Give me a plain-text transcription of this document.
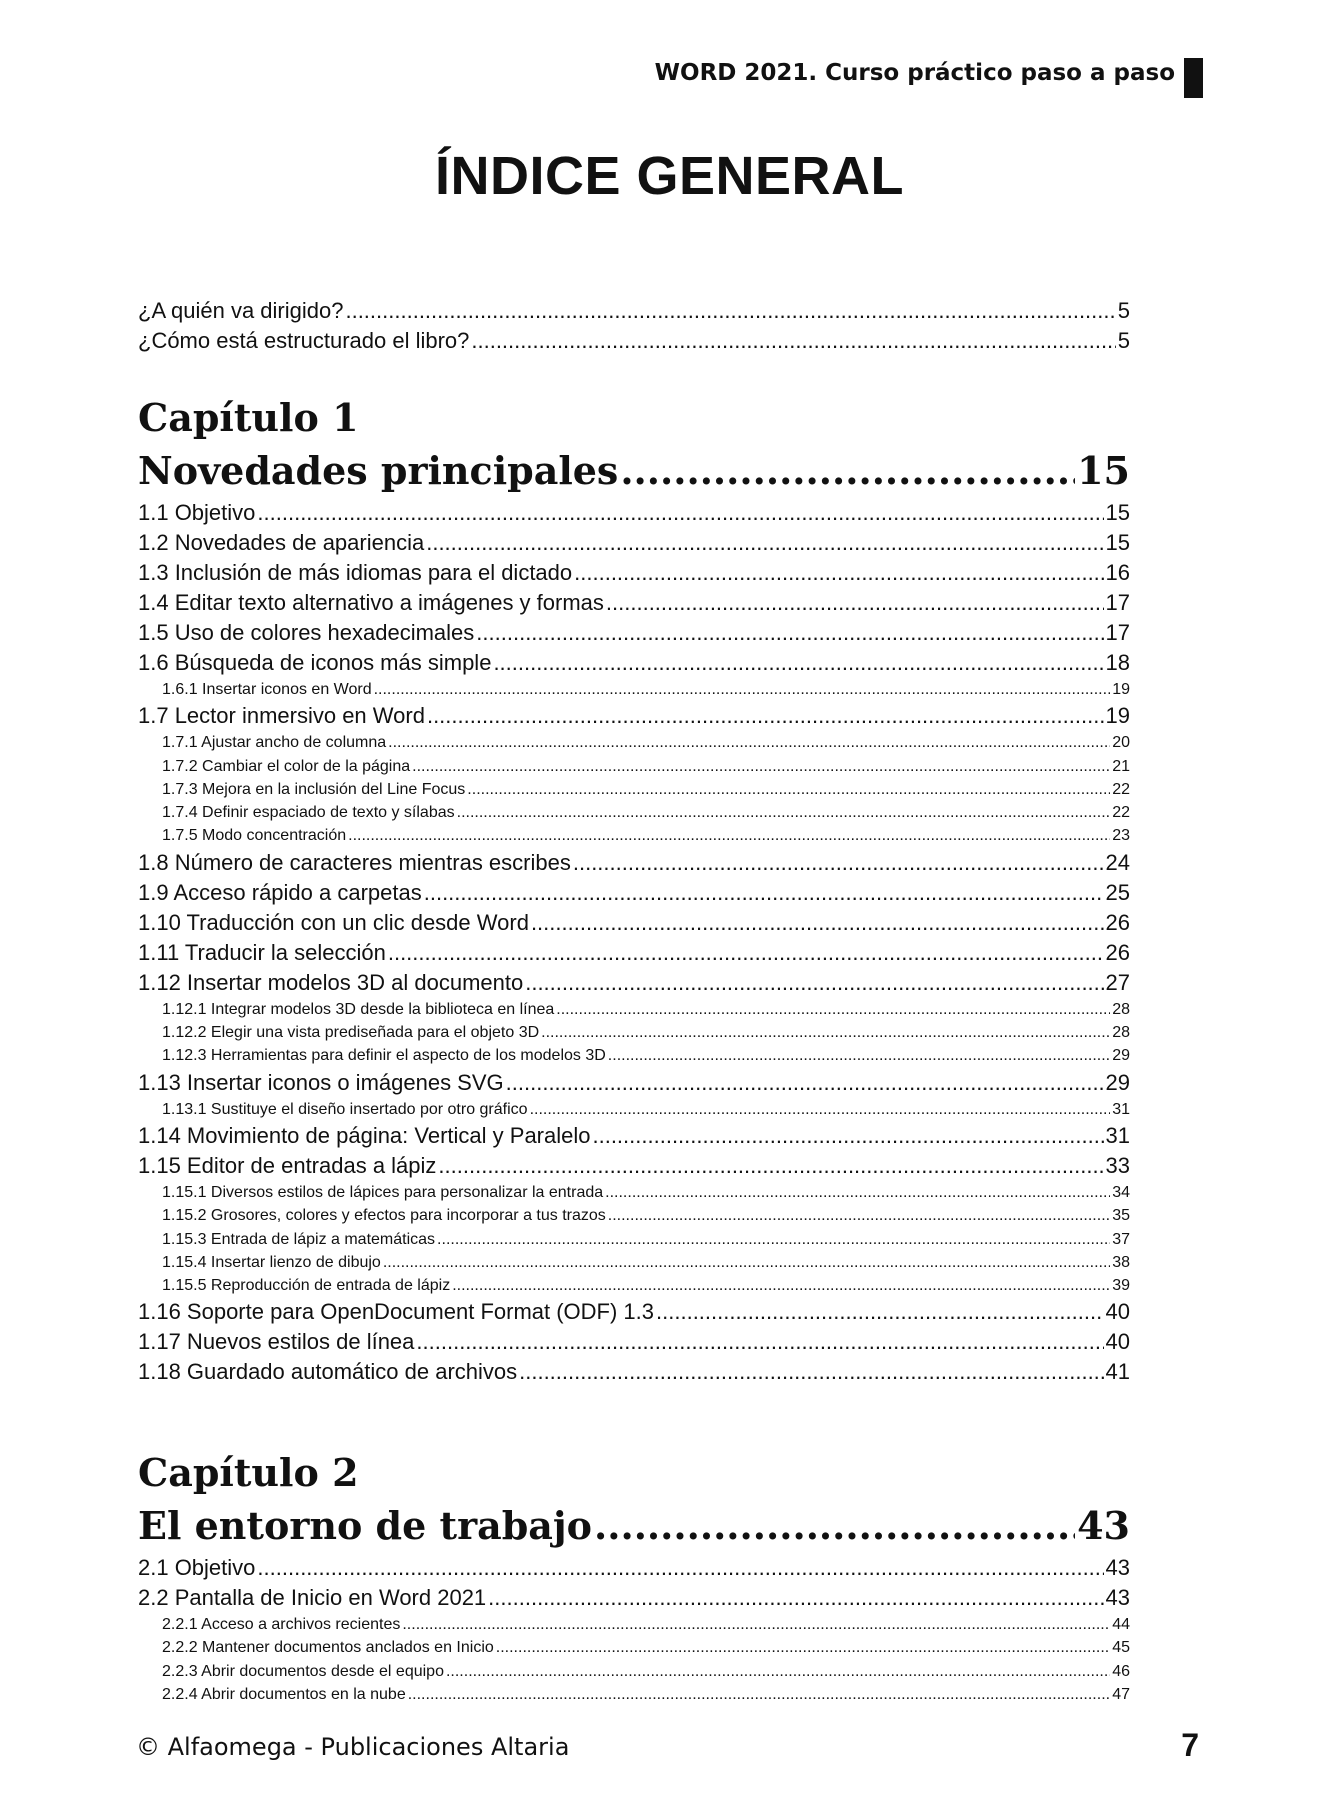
WORD 2021. Curso práctico paso a paso
ÍNDICE GENERAL
¿A quién va dirigido? .....	5
¿Cómo está estructurado el libro? .....	5
Capítulo 1
Novedades principales .....	15
1.1 Objetivo .....	15
1.2 Novedades de apariencia .....	15
1.3 Inclusión de más idiomas para el dictado .....	16
1.4 Editar texto alternativo a imágenes y formas .....	17
1.5 Uso de colores hexadecimales .....	17
1.6 Búsqueda de iconos más simple .....	18
1.6.1 Insertar iconos en Word .....	19
1.7 Lector inmersivo en Word .....	19
1.7.1 Ajustar ancho de columna .....	20
1.7.2 Cambiar el color de la página .....	21
1.7.3 Mejora en la inclusión del Line Focus .....	22
1.7.4 Definir espaciado de texto y sílabas .....	22
1.7.5 Modo concentración .....	23
1.8 Número de caracteres mientras escribes .....	24
1.9 Acceso rápido a carpetas .....	25
1.10 Traducción con un clic desde Word .....	26
1.11 Traducir la selección .....	26
1.12 Insertar modelos 3D al documento .....	27
1.12.1 Integrar modelos 3D desde la biblioteca en línea .....	28
1.12.2 Elegir una vista prediseñada para el objeto 3D .....	28
1.12.3 Herramientas para definir el aspecto de los modelos 3D .....	29
1.13 Insertar iconos o imágenes SVG .....	29
1.13.1 Sustituye el diseño insertado por otro gráfico .....	31
1.14 Movimiento de página: Vertical y Paralelo .....	31
1.15 Editor de entradas a lápiz .....	33
1.15.1 Diversos estilos de lápices para personalizar la entrada .....	34
1.15.2 Grosores, colores y efectos para incorporar a tus trazos .....	35
1.15.3 Entrada de lápiz a matemáticas .....	37
1.15.4 Insertar lienzo de dibujo .....	38
1.15.5 Reproducción de entrada de lápiz .....	39
1.16 Soporte para OpenDocument Format (ODF) 1.3 .....	40
1.17 Nuevos estilos de línea .....	40
1.18 Guardado automático de archivos .....	41
Capítulo 2
El entorno de trabajo .....	43
2.1 Objetivo .....	43
2.2 Pantalla de Inicio en Word 2021 .....	43
2.2.1 Acceso a archivos recientes .....	44
2.2.2 Mantener documentos anclados en Inicio .....	45
2.2.3 Abrir documentos desde el equipo .....	46
2.2.4 Abrir documentos en la nube .....	47
© Alfaomega - Publicaciones Altaria	7
